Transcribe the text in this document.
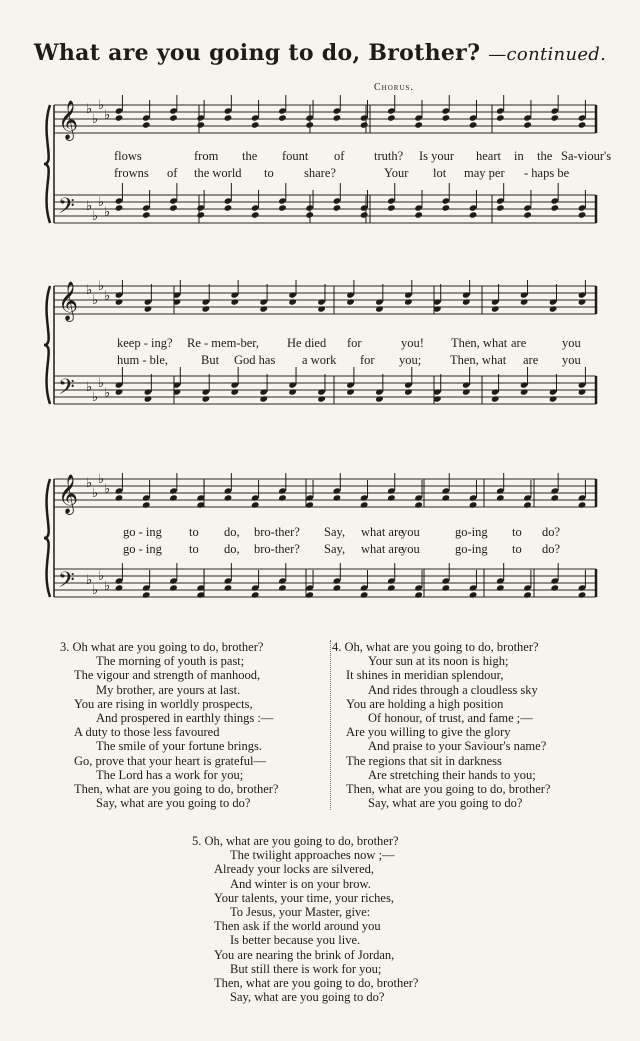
What are you going to do, Brother? —continued.
𝄞 ♭
♭
♭
♭
𝄢 ♭
♭
♭
♭
Chorus.
flows	from the fount of truth? Is your heart in the Sa-viour's
frowns of the world to share?	Your lot may per - haps be
𝄞 ♭
♭
♭
♭
𝄢 ♭
♭
♭
♭
keep - ing? Re - mem-ber, He died for	you! Then, what are	you
hum - ble,	But God has a work for you; Then, what are you
𝄞 ♭
♭
♭
♭
𝄢 ♭
♭
♭
♭
go - ing to do, bro-ther? Say, what are
you	go-ing to do?
go - ing to do, bro-ther? Say, what are
you	go-ing to do?
3. Oh what are you going to do, brother?
The morning of youth is past;
The vigour and strength of manhood,
My brother, are yours at last.
You are rising in worldly prospects,
And prospered in earthly things :—
A duty to those less favoured
The smile of your fortune brings.
Go, prove that your heart is grateful—
The Lord has a work for you;
Then, what are you going to do, brother?
Say, what are you going to do?
4. Oh, what are you going to do, brother?
Your sun at its noon is high;
It shines in meridian splendour,
And rides through a cloudless sky
You are holding a high position
Of honour, of trust, and fame ;—
Are you willing to give the glory
And praise to your Saviour's name?
The regions that sit in darkness
Are stretching their hands to you;
Then, what are you going to do, brother?
Say, what are you going to do?
5. Oh, what are you going to do, brother?
The twilight approaches now ;—
Already your locks are silvered,
And winter is on your brow.
Your talents, your time, your riches,
To Jesus, your Master, give:
Then ask if the world around you
Is better because you live.
You are nearing the brink of Jordan,
But still there is work for you;
Then, what are you going to do, brother?
Say, what are you going to do?
